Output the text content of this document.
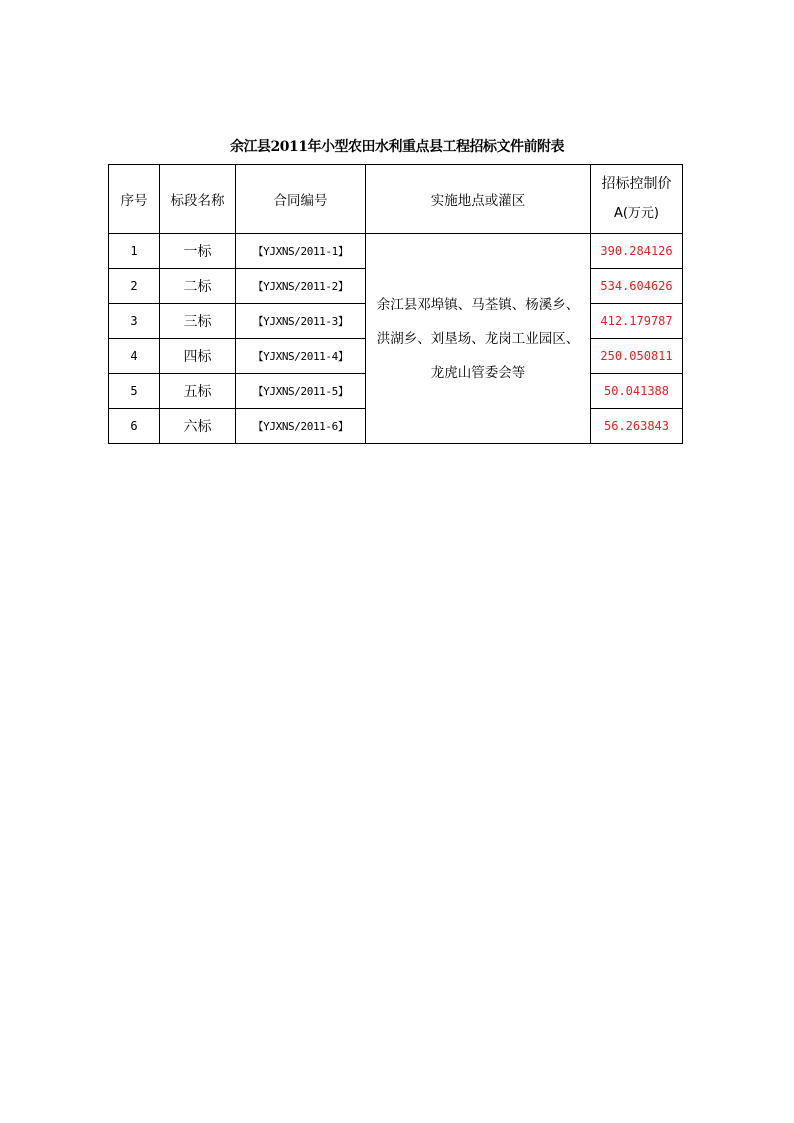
余江县2011年小型农田水利重点县工程招标文件前附表
序号	标段名称	合同编号	实施地点或灌区	招标控制价
A(万元)

1	一标	【YJXNS/2011-1】	余江县邓埠镇、马荃镇、杨溪乡、
洪湖乡、刘垦场、龙岗工业园区、
龙虎山管委会等	390.284126
2	二标	【YJXNS/2011-2】		534.604626
3	三标	【YJXNS/2011-3】		412.179787
4	四标	【YJXNS/2011-4】		250.050811
5	五标	【YJXNS/2011-5】		50.041388
6	六标	【YJXNS/2011-6】		56.263843
